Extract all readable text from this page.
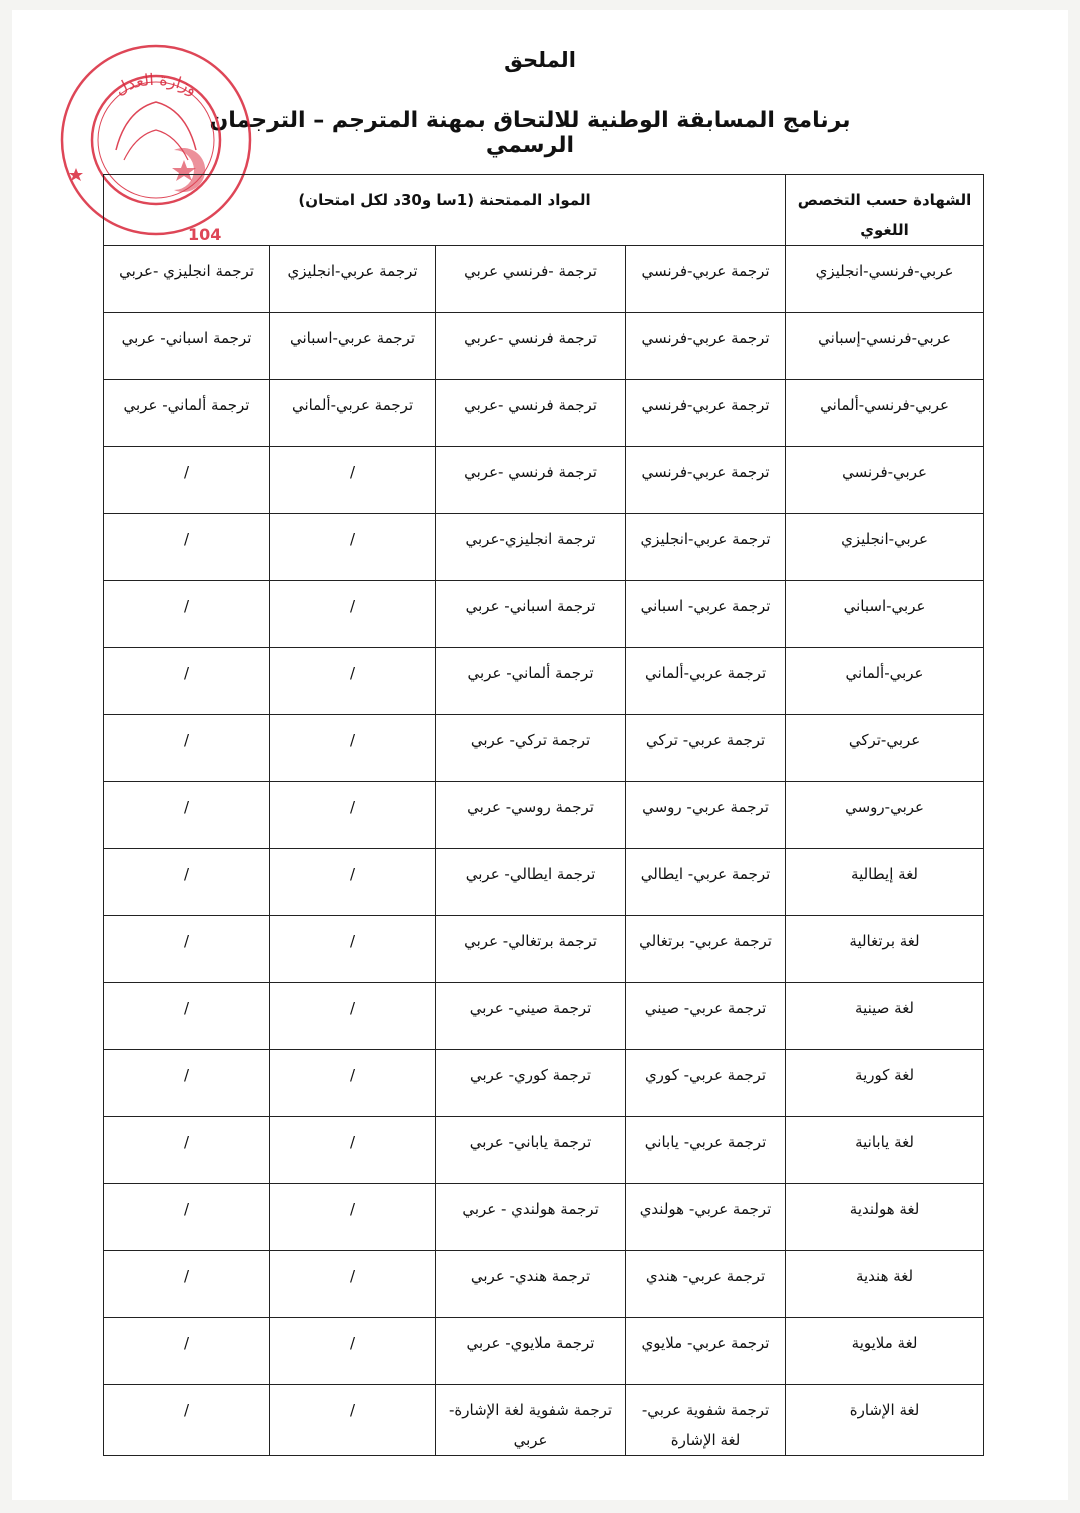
الملحق
برنامج المسابقة الوطنية للالتحاق بمهنة المترجم – الترجمان الرسمي
وزارة العدل
104
الشهادة حسب التخصص اللغوي	المواد الممتحنة (1سا و30د لكل امتحان)			
عربي-فرنسي-انجليزي	ترجمة عربي-فرنسي	ترجمة -فرنسي عربي	ترجمة عربي-انجليزي	ترجمة انجليزي -عربي
عربي-فرنسي-إسباني	ترجمة عربي-فرنسي	ترجمة فرنسي -عربي	ترجمة عربي-اسباني	ترجمة اسباني- عربي
عربي-فرنسي-ألماني	ترجمة عربي-فرنسي	ترجمة فرنسي -عربي	ترجمة عربي-ألماني	ترجمة ألماني- عربي
عربي-فرنسي	ترجمة عربي-فرنسي	ترجمة فرنسي -عربي	/	/
عربي-انجليزي	ترجمة عربي-انجليزي	ترجمة انجليزي-عربي	/	/
عربي-اسباني	ترجمة عربي- اسباني	ترجمة اسباني- عربي	/	/
عربي-ألماني	ترجمة عربي-ألماني	ترجمة ألماني- عربي	/	/
عربي-تركي	ترجمة عربي- تركي	ترجمة تركي- عربي	/	/
عربي-روسي	ترجمة عربي- روسي	ترجمة روسي- عربي	/	/
لغة إيطالية	ترجمة عربي- ايطالي	ترجمة ايطالي- عربي	/	/
لغة برتغالية	ترجمة عربي- برتغالي	ترجمة برتغالي- عربي	/	/
لغة صينية	ترجمة عربي- صيني	ترجمة صيني- عربي	/	/
لغة كورية	ترجمة عربي- كوري	ترجمة كوري- عربي	/	/
لغة يابانية	ترجمة عربي- ياباني	ترجمة ياباني- عربي	/	/
لغة هولندية	ترجمة عربي- هولندي	ترجمة هولندي - عربي	/	/
لغة هندية	ترجمة عربي- هندي	ترجمة هندي- عربي	/	/
لغة ملايوية	ترجمة عربي- ملايوي	ترجمة ملايوي- عربي	/	/
لغة الإشارة	ترجمة شفوية عربي- لغة الإشارة	ترجمة شفوية لغة الإشارة- عربي	/	/
